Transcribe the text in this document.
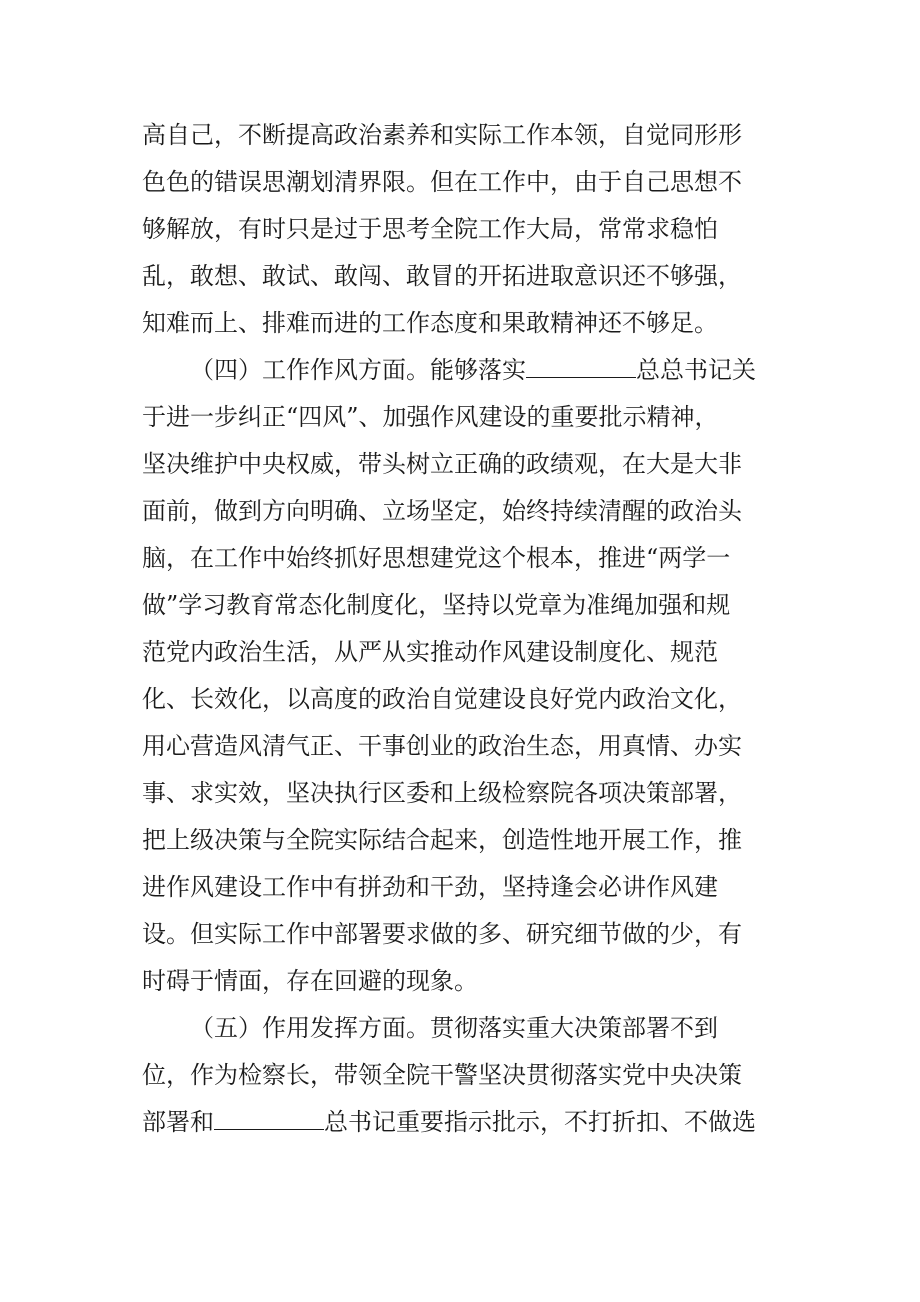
高自己，不断提高政治素养和实际工作本领，自觉同形形
色色的错误思潮划清界限。但在工作中，由于自己思想不
够解放，有时只是过于思考全院工作大局，常常求稳怕
乱，敢想、敢试、敢闯、敢冒的开拓进取意识还不够强，
知难而上、排难而进的工作态度和果敢精神还不够足。
（四）工作作风方面。能够落实	总总书记关
于进一步纠正“四风”、加强作风建设的重要批示精神，
坚决维护中央权威，带头树立正确的政绩观，在大是大非
面前，做到方向明确、立场坚定，始终持续清醒的政治头
脑，在工作中始终抓好思想建党这个根本，推进“两学一
做”学习教育常态化制度化，坚持以党章为准绳加强和规
范党内政治生活，从严从实推动作风建设制度化、规范
化、长效化，以高度的政治自觉建设良好党内政治文化，
用心营造风清气正、干事创业的政治生态，用真情、办实
事、求实效，坚决执行区委和上级检察院各项决策部署，
把上级决策与全院实际结合起来，创造性地开展工作，推
进作风建设工作中有拼劲和干劲，坚持逢会必讲作风建
设。但实际工作中部署要求做的多、研究细节做的少，有
时碍于情面，存在回避的现象。
（五）作用发挥方面。贯彻落实重大决策部署不到
位，作为检察长，带领全院干警坚决贯彻落实党中央决策
部署和	总书记重要指示批示，不打折扣、不做选
